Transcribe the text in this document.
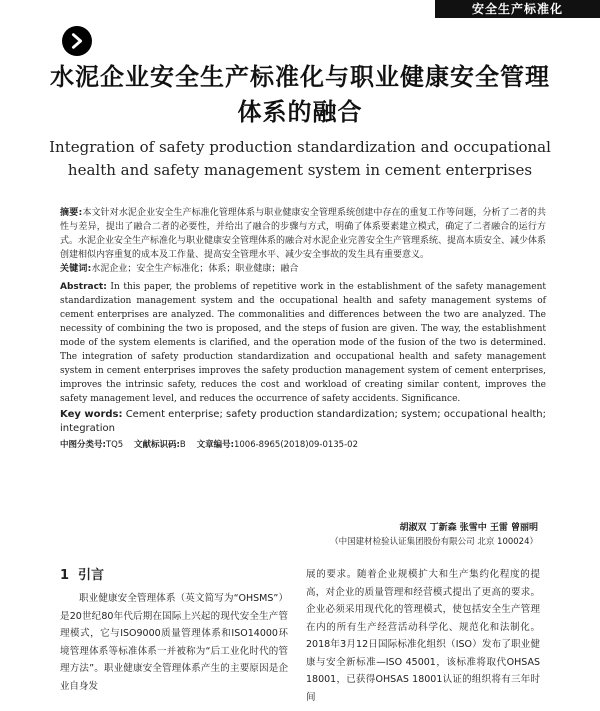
安全生产标准化
水泥企业安全生产标准化与职业健康安全管理体系的融合
Integration of safety production standardization and occupational health and safety management system in cement enterprises

摘要:本文针对水泥企业安全生产标准化管理体系与职业健康安全管理系统创建中存在的重复工作等问题，分析了二者的共性与差异，提出了融合二者的必要性，并给出了融合的步骤与方式，明确了体系要素建立模式，确定了二者融合的运行方式。水泥企业安全生产标准化与职业健康安全管理体系的融合对水泥企业完善安全生产管理系统、提高本质安全、减少体系创建相似内容重复的成本及工作量、提高安全管理水平、减少安全事故的发生具有重要意义。

关键词:水泥企业；安全生产标准化；体系；职业健康；融合

Abstract: In this paper, the problems of repetitive work in the establishment of the safety management standardization management system and the occupational health and safety management systems of cement enterprises are analyzed. The commonalities and differences between the two are analyzed. The necessity of combining the two is proposed, and the steps of fusion are given. The way, the establishment mode of the system elements is clarified, and the operation mode of the fusion of the two is determined. The integration of safety production standardization and occupational health and safety management system in cement enterprises improves the safety production management system of cement enterprises, improves the intrinsic safety, reduces the cost and workload of creating similar content, improves the safety management level, and reduces the occurrence of safety accidents. Significance.
Key words: Cement enterprise; safety production standardization; system; occupational health; integration
中图分类号:TQ5 文献标识码:B 文章编号:1006-8965(2018)09-0135-02
胡淑双 丁新森 张雪中 王雷 曾丽明
（中国建材检验认证集团股份有限公司 北京 100024）
1 引言

职业健康安全管理体系（英文简写为“OHSMS”）是20世纪80年代后期在国际上兴起的现代安全生产管理模式，它与ISO9000质量管理体系和ISO14000环境管理体系等标准体系一并被称为“后工业化时代的管理方法”。职业健康安全管理体系产生的主要原因是企业自身发

展的要求。随着企业规模扩大和生产集约化程度的提高，对企业的质量管理和经营模式提出了更高的要求。企业必须采用现代化的管理模式，使包括安全生产管理在内的所有生产经营活动科学化、规范化和法制化。2018年3月12日国际标准化组织（ISO）发布了职业健康与安全新标准—ISO 45001，该标准将取代OHSAS 18001，已获得OHSAS 18001认证的组织将有三年时间
